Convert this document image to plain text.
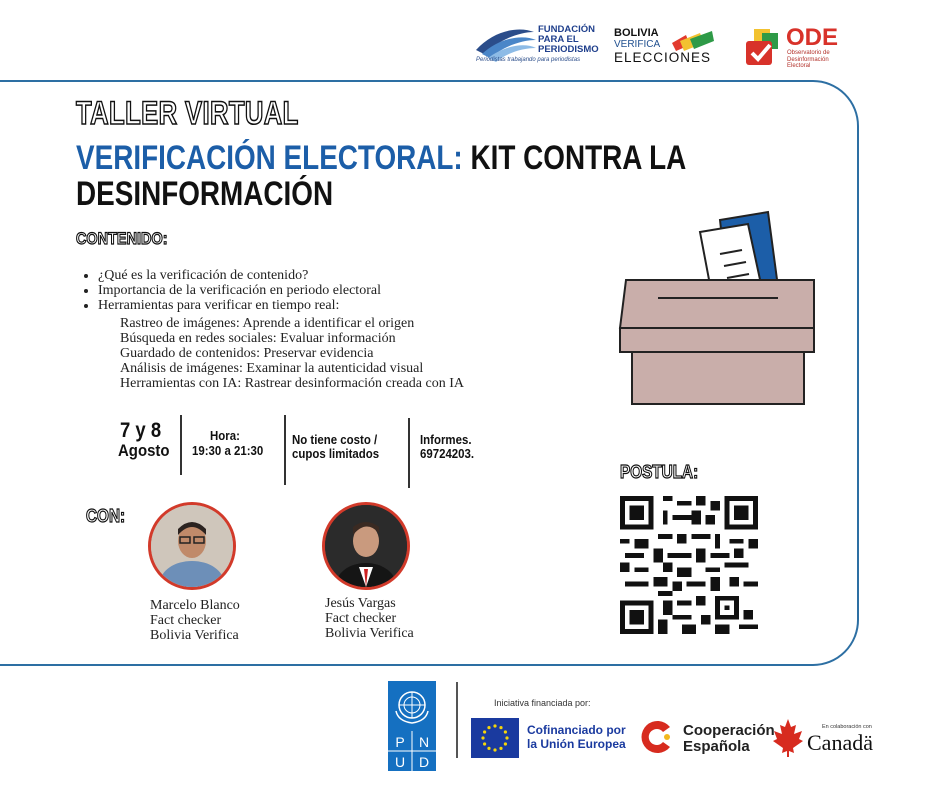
FUNDACIÓN PARA EL PERIODISMO
Periodistas trabajando para periodistas
BOLIVIA
VERIFICA
ELECCIONES
ODE
Observatorio de Desinformación Electoral
TALLER VIRTUAL
VERIFICACIÓN ELECTORAL: KIT CONTRA LA
DESINFORMACIÓN
CONTENIDO:
• ¿Qué es la verificación de contenido?
• Importancia de la verificación en periodo electoral
• Herramientas para verificar en tiempo real:
Rastreo de imágenes: Aprende a identificar el origen
Búsqueda en redes sociales: Evaluar información
Guardado de contenidos: Preservar evidencia
Análisis de imágenes: Examinar la autenticidad visual
Herramientas con IA: Rastrear desinformación creada con IA
7 y 8
Agosto
Hora:
19:30 a 21:30
No tiene costo /
cupos limitados
Informes.
69724203.
CON:
Marcelo Blanco
Fact checker
Bolivia Verifica
Jesús Vargas
Fact checker
Bolivia Verifica
POSTULA:
P N
U D
Iniciativa financiada por:
Cofinanciado por
la Unión Europea
Cooperación
Española
En colaboración con
Canadä
